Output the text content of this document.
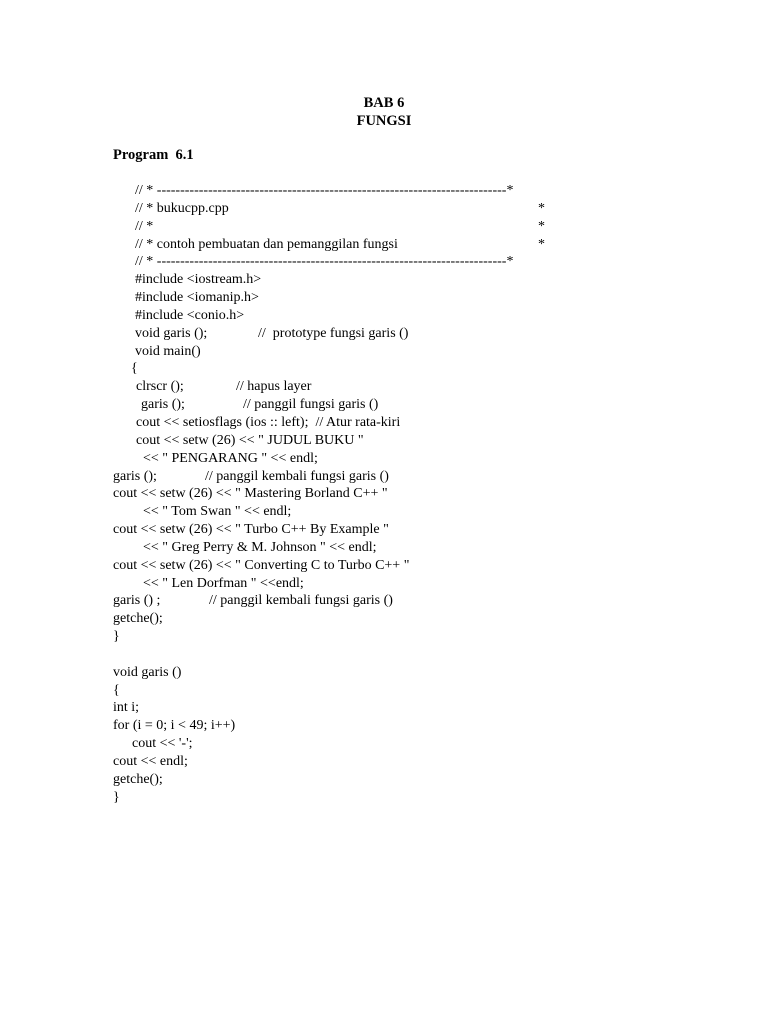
BAB 6
FUNGSI
Program  6.1
// * ---------------------------------------------------------------------------*
// * bukucpp.cpp	*
// *	*
// * contoh pembuatan dan pemanggilan fungsi	*
// * ---------------------------------------------------------------------------*
#include <iostream.h>
#include <iomanip.h>
#include <conio.h>
void garis ();	//  prototype fungsi garis ()
void main()
{
clrscr ();	// hapus layer
garis ();	// panggil fungsi garis ()
cout << setiosflags (ios :: left);  // Atur rata-kiri
cout << setw (26) << " JUDUL BUKU "
<< " PENGARANG " << endl;
garis ();	// panggil kembali fungsi garis ()
cout << setw (26) << " Mastering Borland C++ "
<< " Tom Swan " << endl;
cout << setw (26) << " Turbo C++ By Example "
<< " Greg Perry & M. Johnson " << endl;
cout << setw (26) << " Converting C to Turbo C++ "
<< " Len Dorfman " <<endl;
garis () ;	// panggil kembali fungsi garis ()
getche();
}
void garis ()
{
int i;
for (i = 0; i < 49; i++)
cout << '-';
cout << endl;
getche();
}
